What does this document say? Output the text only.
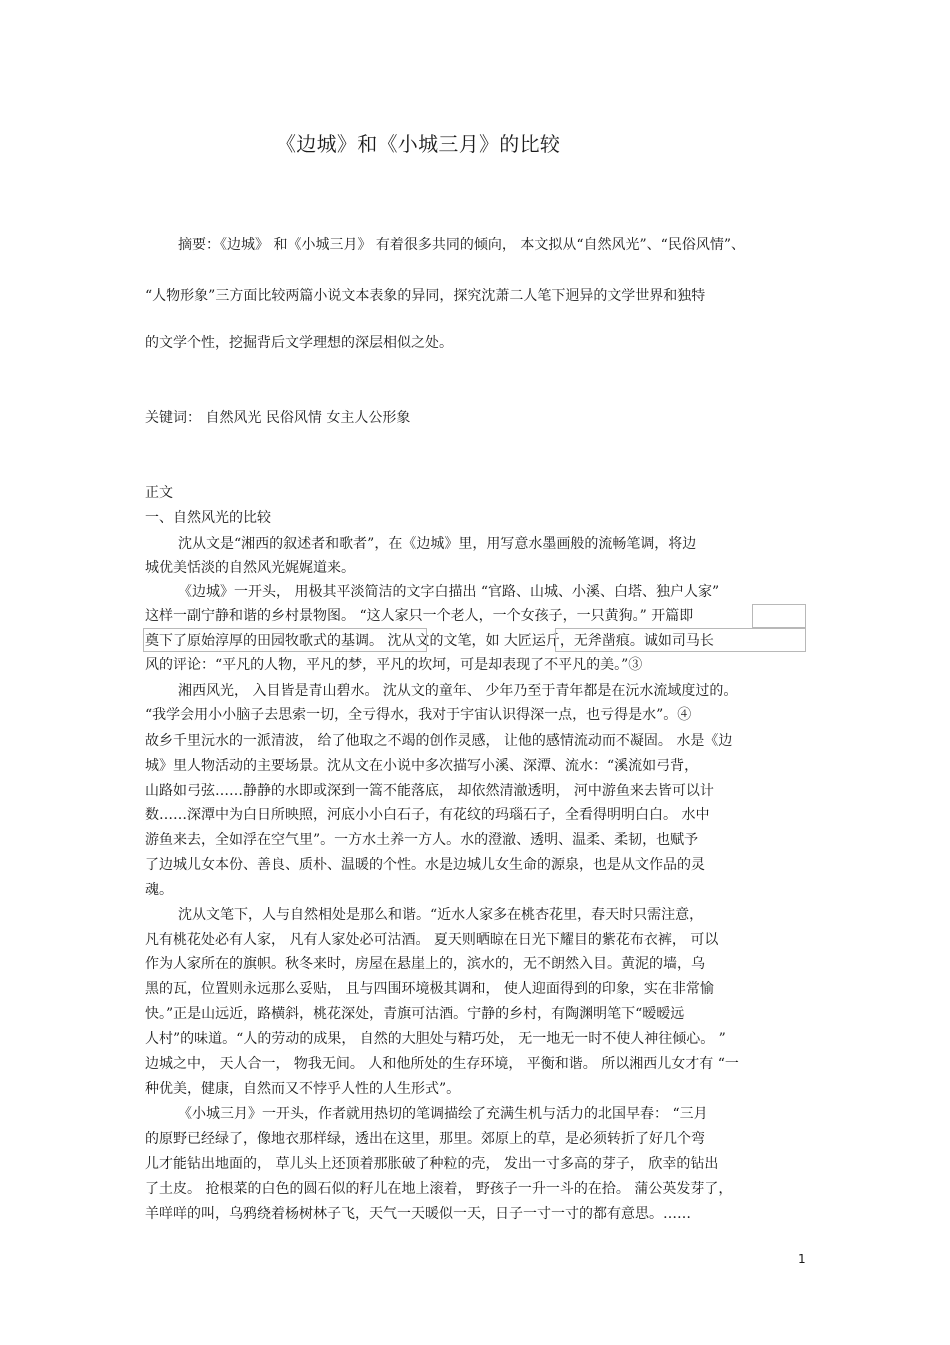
《边城》和《小城三月》的比较
摘要：《边城》 和《小城三月》 有着很多共同的倾向， 本文拟从“自然风光”、“民俗风情”、
“人物形象”三方面比较两篇小说文本表象的异同，探究沈萧二人笔下迥异的文学世界和独特
的文学个性，挖掘背后文学理想的深层相似之处。
关键词： 自然风光 民俗风情 女主人公形象
正文
一、自然风光的比较
沈从文是“湘西的叙述者和歌者”，在《边城》里，用写意水墨画般的流畅笔调，将边
城优美恬淡的自然风光娓娓道来。
《边城》一开头， 用极其平淡简洁的文字白描出 “官路、山城、小溪、白塔、独户人家”
这样一副宁静和谐的乡村景物图。 “这人家只一个老人，一个女孩子，一只黄狗。” 开篇即
奠下了原始淳厚的田园牧歌式的基调。 沈从文的文笔，如 大匠运斤，无斧凿痕。诚如司马长
风的评论：“平凡的人物，平凡的梦，平凡的坎坷，可是却表现了不平凡的美。”③
湘西风光， 入目皆是青山碧水。 沈从文的童年、 少年乃至于青年都是在沅水流域度过的。
“我学会用小小脑子去思索一切，全亏得水，我对于宇宙认识得深一点，也亏得是水”。④
故乡千里沅水的一派清波， 给了他取之不竭的创作灵感， 让他的感情流动而不凝固。 水是《边
城》里人物活动的主要场景。沈从文在小说中多次描写小溪、深潭、流水：“溪流如弓背，
山路如弓弦……静静的水即或深到一篙不能落底， 却依然清澈透明， 河中游鱼来去皆可以计
数……深潭中为白日所映照，河底小小白石子，有花纹的玛瑙石子，全看得明明白白。 水中
游鱼来去，全如浮在空气里”。一方水土养一方人。水的澄澈、透明、温柔、柔韧，也赋予
了边城儿女本份、善良、质朴、温暖的个性。水是边城儿女生命的源泉，也是从文作品的灵
魂。
沈从文笔下，人与自然相处是那么和谐。“近水人家多在桃杏花里，春天时只需注意，
凡有桃花处必有人家， 凡有人家处必可沽酒。 夏天则晒晾在日光下耀目的紫花布衣裤， 可以
作为人家所在的旗帜。秋冬来时，房屋在悬崖上的，滨水的，无不朗然入目。黄泥的墙，乌
黑的瓦，位置则永远那么妥贴， 且与四围环境极其调和， 使人迎面得到的印象，实在非常愉
快。”正是山远近，路横斜，桃花深处，青旗可沽酒。宁静的乡村，有陶渊明笔下“暧暧远
人村”的味道。“人的劳动的成果， 自然的大胆处与精巧处， 无一地无一时不使人神往倾心。 ”
边城之中， 天人合一， 物我无间。 人和他所处的生存环境， 平衡和谐。 所以湘西儿女才有 “一
种优美，健康，自然而又不悖乎人性的人生形式”。
《小城三月》一开头，作者就用热切的笔调描绘了充满生机与活力的北国早春： “三月
的原野已经绿了，像地衣那样绿，透出在这里，那里。郊原上的草，是必须转折了好几个弯
儿才能钻出地面的， 草儿头上还顶着那胀破了种粒的壳， 发出一寸多高的芽子， 欣幸的钻出
了土皮。 抢根菜的白色的圆石似的籽儿在地上滚着， 野孩子一升一斗的在拾。 蒲公英发芽了，
羊咩咩的叫，乌鸦绕着杨树林子飞，天气一天暖似一天，日子一寸一寸的都有意思。……
1
